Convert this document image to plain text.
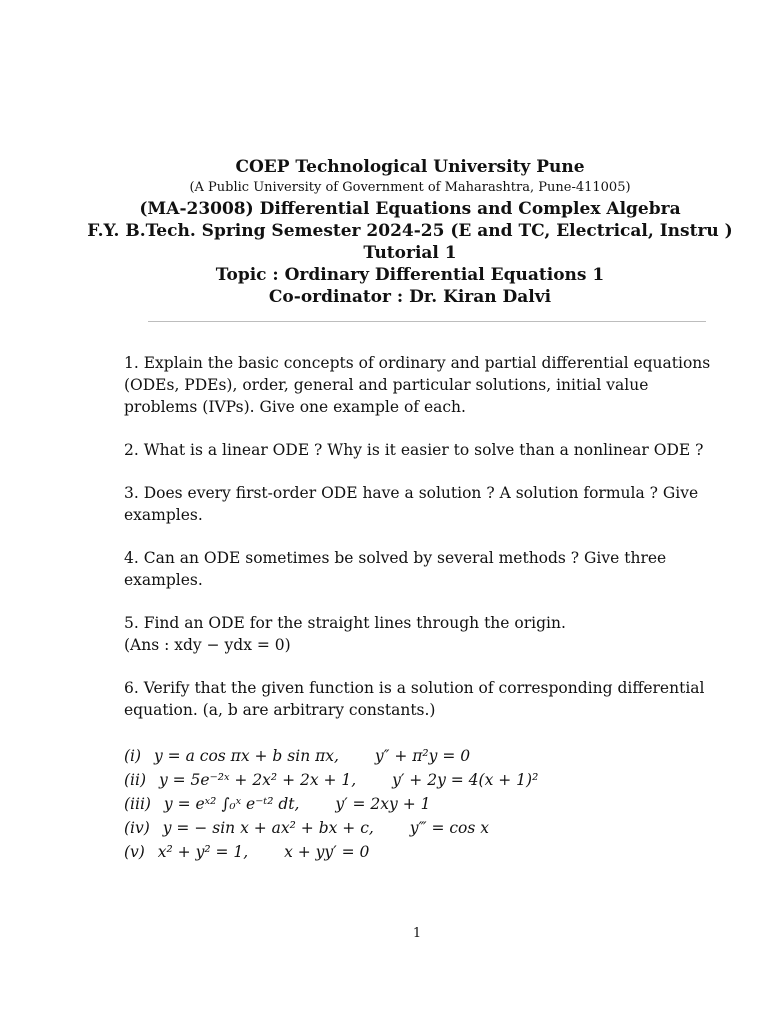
COEP Technological University Pune
(A Public University of Government of Maharashtra, Pune-411005)
(MA-23008) Differential Equations and Complex Algebra
F.Y. B.Tech. Spring Semester 2024-25 (E and TC, Electrical, Instru )
Tutorial 1
Topic : Ordinary Differential Equations 1
Co-ordinator : Dr. Kiran Dalvi

1. Explain the basic concepts of ordinary and partial differential equations (ODEs, PDEs), order, general and particular solutions, initial value problems (IVPs). Give one example of each.

2. What is a linear ODE ? Why is it easier to solve than a nonlinear ODE ?

3. Does every first-order ODE have a solution ? A solution formula ? Give examples.

4. Can an ODE sometimes be solved by several methods ? Give three examples.

5. Find an ODE for the straight lines through the origin.

(Ans : xdy − ydx = 0)

6. Verify that the given function is a solution of corresponding differential equation. (a, b are arbitrary constants.)

(i) y = a cos πx + b sin πx, y″ + π²y = 0
(ii) y = 5e⁻²ˣ + 2x² + 2x + 1, y′ + 2y = 4(x + 1)²
(iii) y = eˣ² ∫₀ˣ e⁻ᵗ² dt, y′ = 2xy + 1
(iv) y = − sin x + ax² + bx + c, y‴ = cos x
(v) x² + y² = 1, x + yy′ = 0
1
